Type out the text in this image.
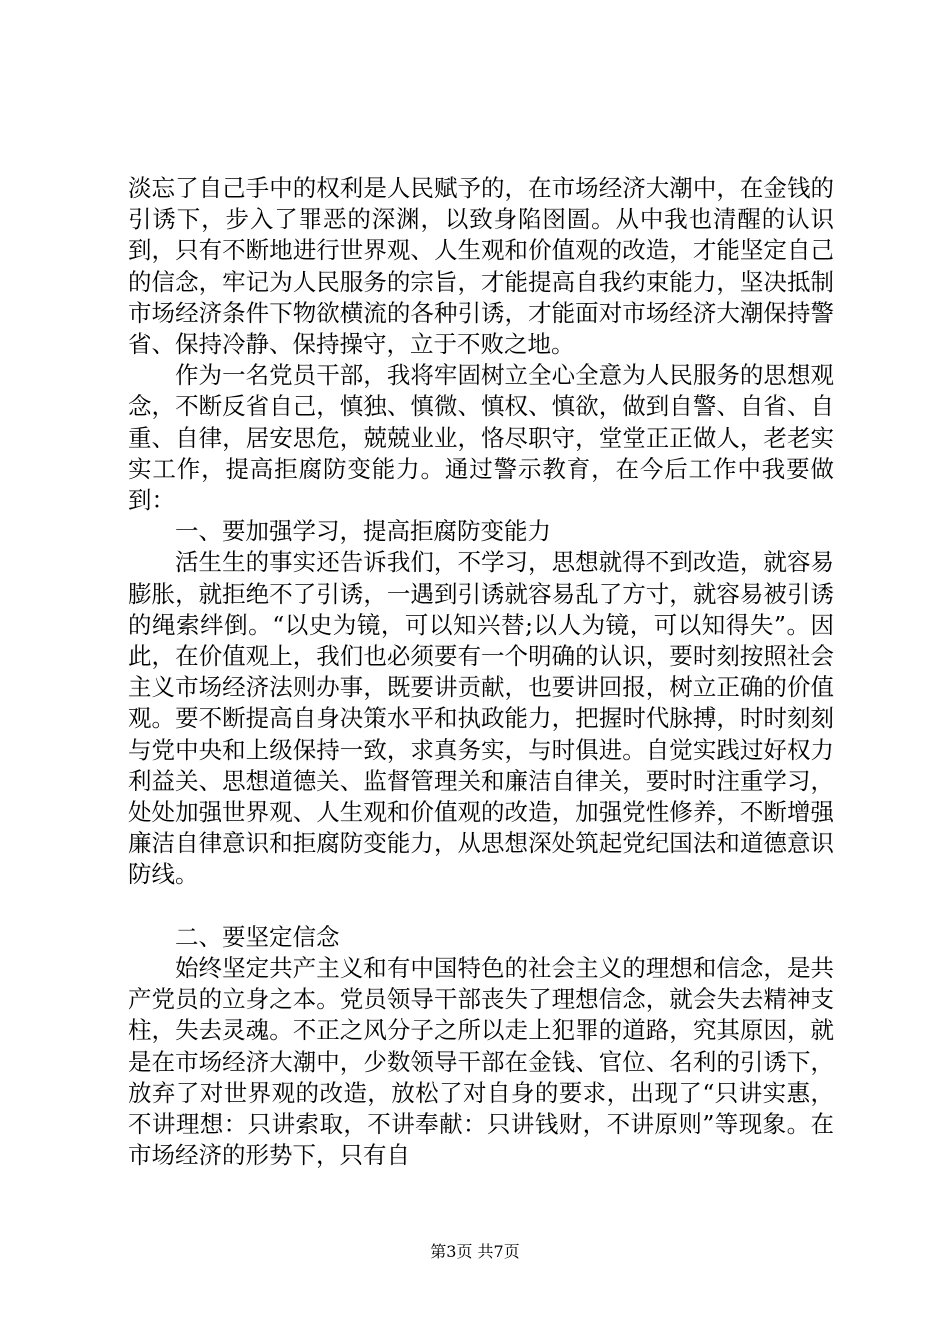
淡忘了自己手中的权利是人民赋予的，在市场经济大潮中，在金钱的引诱下，步入了罪恶的深渊，以致身陷囹圄。从中我也清醒的认识到，只有不断地进行世界观、人生观和价值观的改造，才能坚定自己的信念，牢记为人民服务的宗旨，才能提高自我约束能力，坚决抵制市场经济条件下物欲横流的各种引诱，才能面对市场经济大潮保持警省、保持冷静、保持操守，立于不败之地。

作为一名党员干部，我将牢固树立全心全意为人民服务的思想观念，不断反省自己，慎独、慎微、慎权、慎欲，做到自警、自省、自重、自律，居安思危，兢兢业业，恪尽职守，堂堂正正做人，老老实实工作，提高拒腐防变能力。通过警示教育，在今后工作中我要做到：

一、要加强学习，提高拒腐防变能力

活生生的事实还告诉我们，不学习，思想就得不到改造，就容易膨胀，就拒绝不了引诱，一遇到引诱就容易乱了方寸，就容易被引诱的绳索绊倒。“以史为镜，可以知兴替;以人为镜，可以知得失”。因此，在价值观上，我们也必须要有一个明确的认识，要时刻按照社会主义市场经济法则办事，既要讲贡献，也要讲回报，树立正确的价值观。要不断提高自身决策水平和执政能力，把握时代脉搏，时时刻刻与党中央和上级保持一致，求真务实，与时俱进。自觉实践过好权力利益关、思想道德关、监督管理关和廉洁自律关，要时时注重学习，处处加强世界观、人生观和价值观的改造，加强党性修养，不断增强廉洁自律意识和拒腐防变能力，从思想深处筑起党纪国法和道德意识防线。

二、要坚定信念

始终坚定共产主义和有中国特色的社会主义的理想和信念，是共产党员的立身之本。党员领导干部丧失了理想信念，就会失去精神支柱，失去灵魂。不正之风分子之所以走上犯罪的道路，究其原因，就是在市场经济大潮中，少数领导干部在金钱、官位、名利的引诱下，放弃了对世界观的改造，放松了对自身的要求，出现了“只讲实惠，不讲理想：只讲索取，不讲奉献：只讲钱财，不讲原则”等现象。在市场经济的形势下，只有自

第3页 共7页
